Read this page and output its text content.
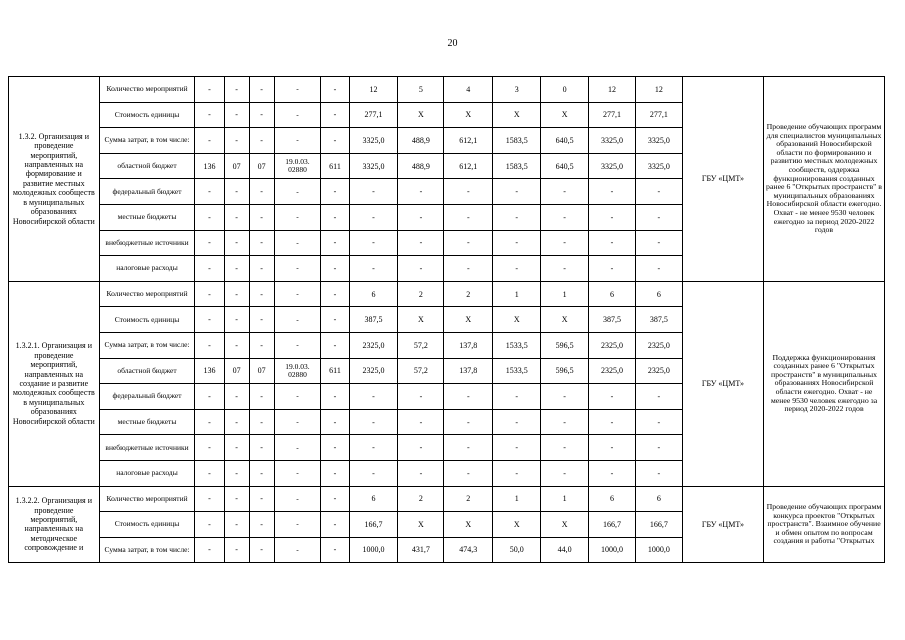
20
1.3.2. Организация и проведение мероприятий, направленных на формирование и развитие местных молодежных сообществ в муниципальных образованиях Новосибирской области	Количество мероприятий	-	-	-	-	-	12	5	4	3	0	12	12	ГБУ «ЦМТ»	Проведение обучающих программ для специалистов муниципальных образований Новосибирской области по формированию и развитию местных молодежных сообществ, оддержка функционирования созданных ранее 6 "Открытых пространств" в муниципальных образованиях Новосибирской области ежегодно. Охват - не менее 9530 человек ежегодно за период 2020-2022 годов
	Стоимость единицы	-	-	-	-	-	277,1	X	X	X	X	277,1	277,1		
	Сумма затрат, в том числе:	-	-	-	-	-	3325,0	488,9	612,1	1583,5	640,5	3325,0	3325,0		
	областной бюджет	136	07	07	19.0.03. 02880	611	3325,0	488,9	612,1	1583,5	640,5	3325,0	3325,0		
	федеральный бюджет	-	-	-	-	-	-	-	-	-	-	-	-		
	местные бюджеты	-	-	-	-	-	-	-	-	-	-	-	-		
	внебюджетные источники	-	-	-	-	-	-	-	-	-	-	-	-		
	налоговые расходы	-	-	-	-	-	-	-	-	-	-	-	-		
1.3.2.1. Организация и проведение мероприятий, направленных на создание и развитие молодежных сообществ в муниципальных образованиях Новосибирской области	Количество мероприятий	-	-	-	-	-	6	2	2	1	1	6	6	ГБУ «ЦМТ»	Поддержка функционирования созданных ранее 6 "Открытых пространств" в муниципальных образованиях Новосибирской области ежегодно. Охват - не менее 9530 человек ежегодно за период 2020-2022 годов
	Стоимость единицы	-	-	-	-	-	387,5	X	X	X	X	387,5	387,5		
	Сумма затрат, в том числе:	-	-	-	-	-	2325,0	57,2	137,8	1533,5	596,5	2325,0	2325,0		
	областной бюджет	136	07	07	19.0.03. 02880	611	2325,0	57,2	137,8	1533,5	596,5	2325,0	2325,0		
	федеральный бюджет	-	-	-	-	-	-	-	-	-	-	-	-		
	местные бюджеты	-	-	-	-	-	-	-	-	-	-	-	-		
	внебюджетные источники	-	-	-	-	-	-	-	-	-	-	-	-		
	налоговые расходы	-	-	-	-	-	-	-	-	-	-	-	-		
1.3.2.2. Организация и проведение мероприятий, направленных на методическое сопровождение и	Количество мероприятий	-	-	-	-	-	6	2	2	1	1	6	6	ГБУ «ЦМТ»	Проведение обучающих программ конкурса проектов "Открытых пространств". Взаимное обучение и обмен опытом по вопросам создания и работы "Открытых
	Стоимость единицы	-	-	-	-	-	166,7	X	X	X	X	166,7	166,7		
	Сумма затрат, в том числе:	-	-	-	-	-	1000,0	431,7	474,3	50,0	44,0	1000,0	1000,0		
